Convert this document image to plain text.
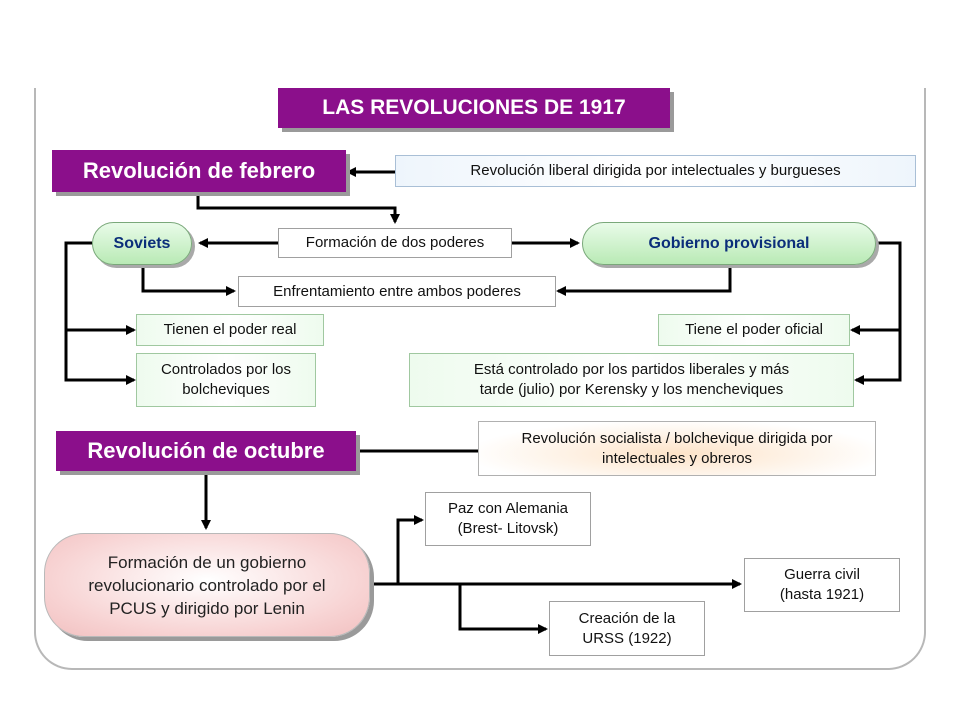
LAS REVOLUCIONES DE 1917
Revolución de febrero	Revolución liberal dirigida por intelectuales y burgueses
Soviets	Formación de dos poderes	Gobierno provisional
Enfrentamiento entre ambos poderes
Tienen el poder real
Controlados por los
bolcheviques
Tiene el poder oficial
Está controlado por los partidos liberales y más
tarde (julio) por Kerensky y los mencheviques
Revolución de octubre	Revolución socialista / bolchevique dirigida por
intelectuales y obreros
Formación de un gobierno
revolucionario controlado por el
PCUS y dirigido por Lenin
Paz con Alemania
(Brest- Litovsk)
Guerra civil
(hasta 1921)
Creación de la
URSS (1922)
